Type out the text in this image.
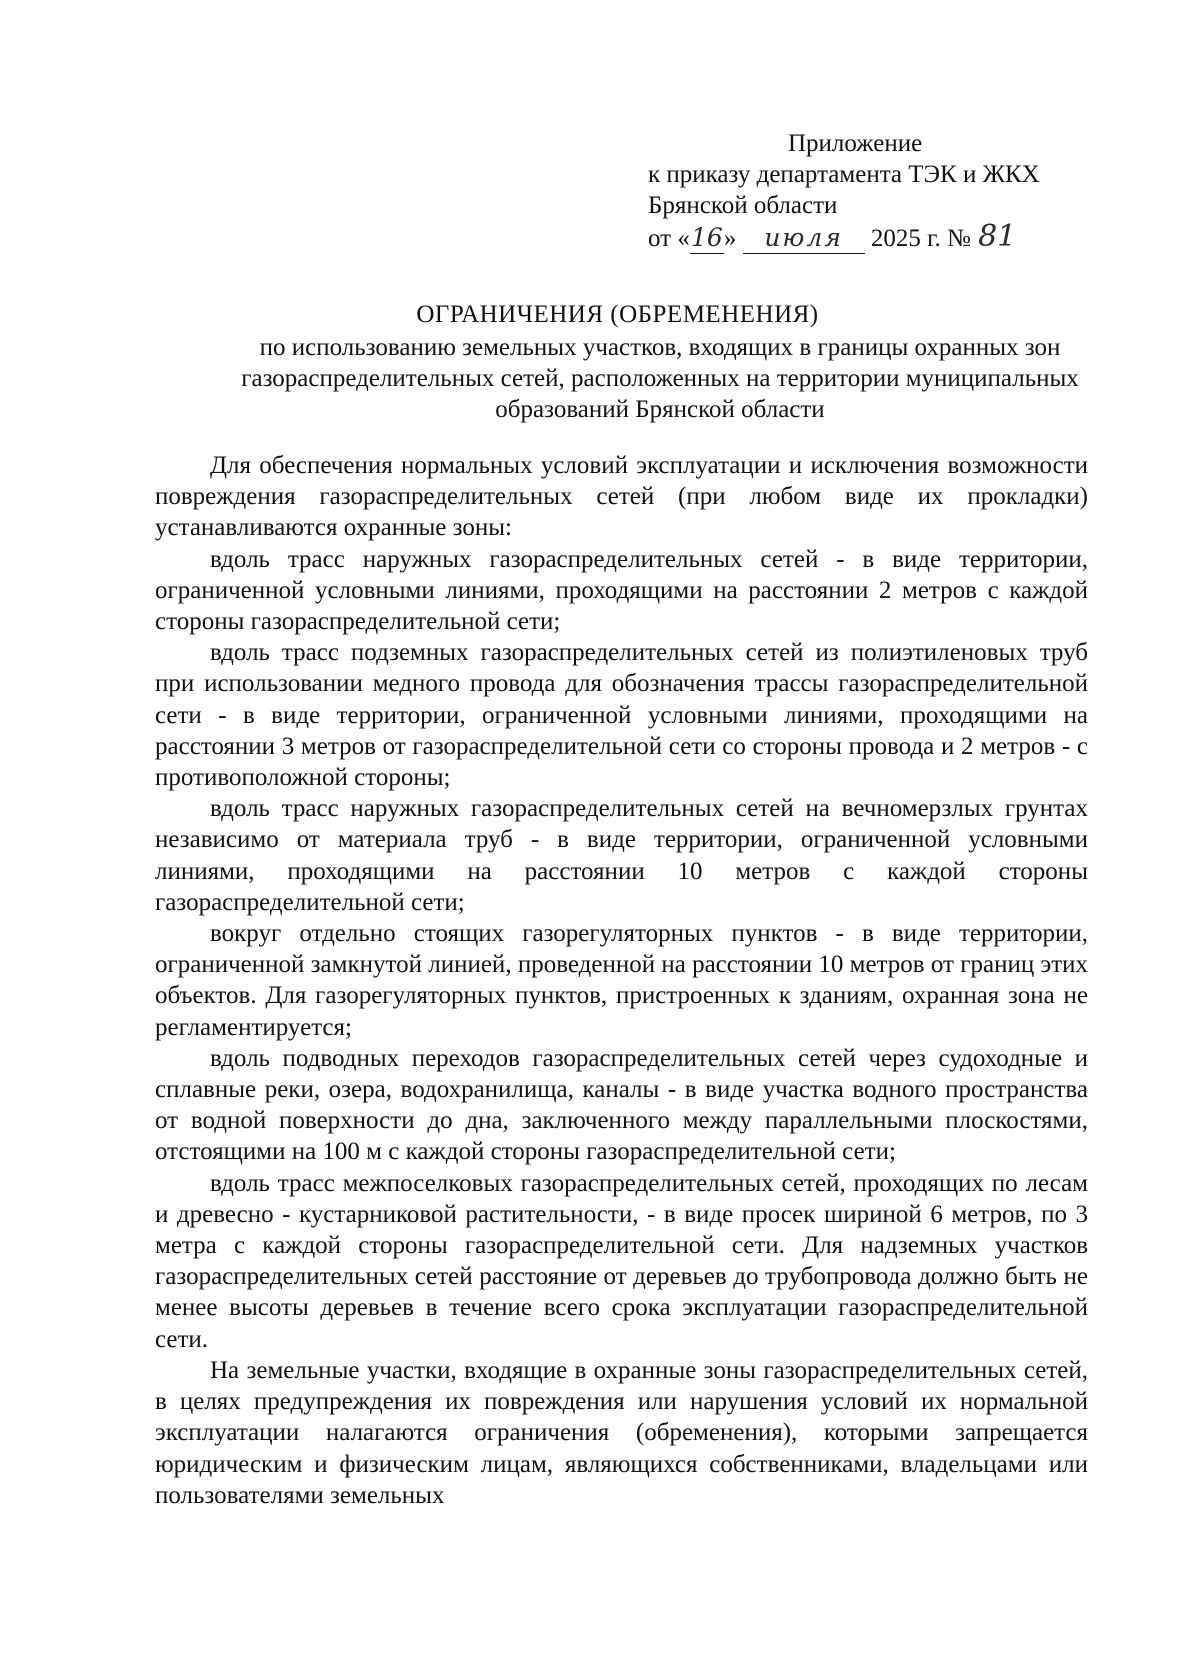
Приложение
к приказу департамента ТЭК и ЖКХ
Брянской области
от «16» июля 2025 г. № 81
ОГРАНИЧЕНИЯ (ОБРЕМЕНЕНИЯ)
по использованию земельных участков, входящих в границы охранных зон газораспределительных сетей, расположенных на территории муниципальных образований Брянской области

Для обеспечения нормальных условий эксплуатации и исключения возможности повреждения газораспределительных сетей (при любом виде их прокладки) устанавливаются охранные зоны:

вдоль трасс наружных газораспределительных сетей - в виде территории, ограниченной условными линиями, проходящими на расстоянии 2 метров с каждой стороны газораспределительной сети;

вдоль трасс подземных газораспределительных сетей из полиэтиленовых труб при использовании медного провода для обозначения трассы газораспределительной сети - в виде территории, ограниченной условными линиями, проходящими на расстоянии 3 метров от газораспределительной сети со стороны провода и 2 метров - с противоположной стороны;

вдоль трасс наружных газораспределительных сетей на вечномерзлых грунтах независимо от материала труб - в виде территории, ограниченной условными линиями, проходящими на расстоянии 10 метров с каждой стороны газораспределительной сети;

вокруг отдельно стоящих газорегуляторных пунктов - в виде территории, ограниченной замкнутой линией, проведенной на расстоянии 10 метров от границ этих объектов. Для газорегуляторных пунктов, пристроенных к зданиям, охранная зона не регламентируется;

вдоль подводных переходов газораспределительных сетей через судоходные и сплавные реки, озера, водохранилища, каналы - в виде участка водного пространства от водной поверхности до дна, заключенного между параллельными плоскостями, отстоящими на 100 м с каждой стороны газораспределительной сети;

вдоль трасс межпоселковых газораспределительных сетей, проходящих по лесам и древесно - кустарниковой растительности, - в виде просек шириной 6 метров, по 3 метра с каждой стороны газораспределительной сети. Для надземных участков газораспределительных сетей расстояние от деревьев до трубопровода должно быть не менее высоты деревьев в течение всего срока эксплуатации газораспределительной сети.

На земельные участки, входящие в охранные зоны газораспределительных сетей, в целях предупреждения их повреждения или нарушения условий их нормальной эксплуатации налагаются ограничения (обременения), которыми запрещается юридическим и физическим лицам, являющихся собственниками, владельцами или пользователями земельных
